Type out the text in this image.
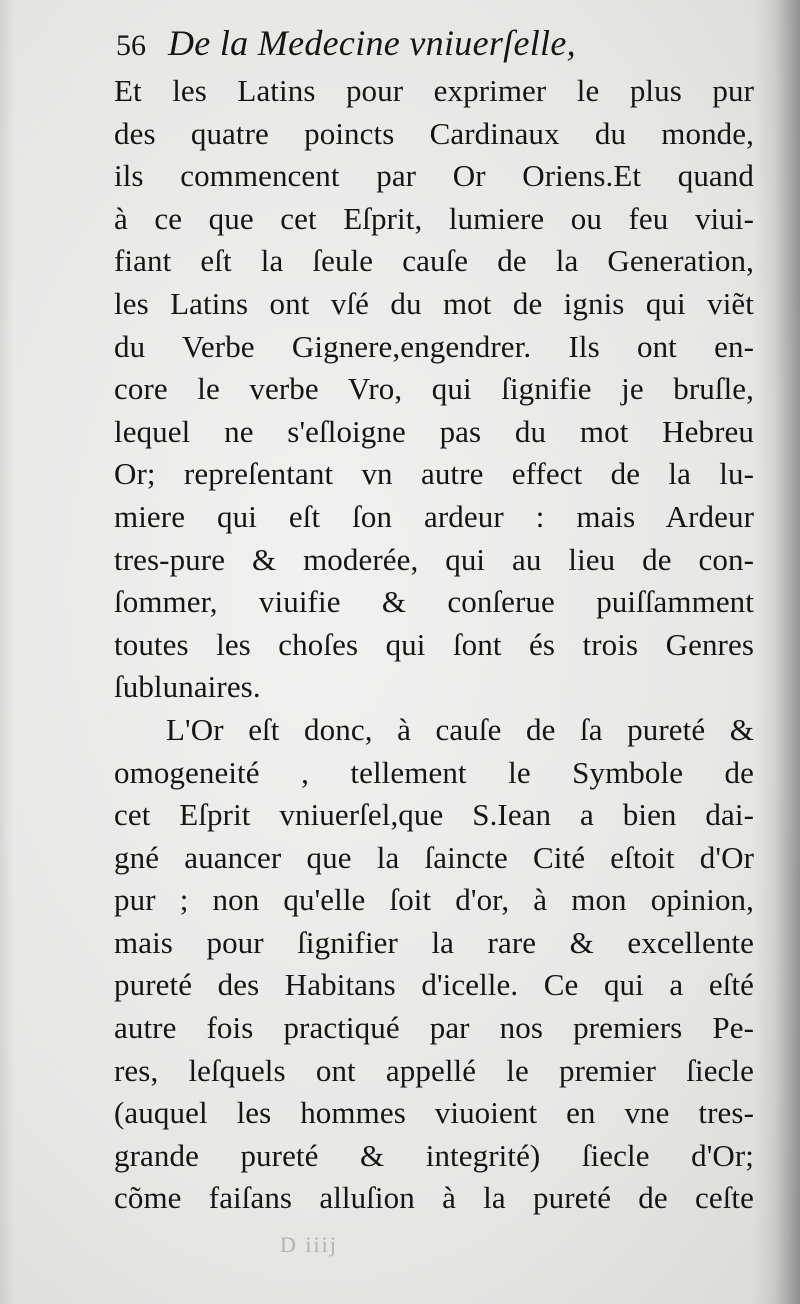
56 De la Medecine vniuerſelle,
Et les Latins pour exprimer le plus pur
des quatre poincts Cardinaux du monde,
ils commencent par Or Oriens.Et quand
à ce que cet Eſprit, lumiere ou feu viui-
fiant eſt la ſeule cauſe de la Generation,
les Latins ont vſé du mot de ignis qui viẽt
du Verbe Gignere,engendrer. Ils ont en-
core le verbe Vro, qui ſignifie je bruſle,
lequel ne s'eſloigne pas du mot Hebreu
Or; repreſentant vn autre effect de la lu-
miere qui eſt ſon ardeur : mais Ardeur
tres-pure & moderée, qui au lieu de con-
ſommer, viuifie & conſerue puiſſamment
toutes les choſes qui ſont és trois Genres
ſublunaires.
L'Or eſt donc, à cauſe de ſa pureté &
omogeneité , tellement le Symbole de
cet Eſprit vniuerſel,que S.Iean a bien dai-
gné auancer que la ſaincte Cité eſtoit d'Or
pur ; non qu'elle ſoit d'or, à mon opinion,
mais pour ſignifier la rare & excellente
pureté des Habitans d'icelle. Ce qui a eſté
autre fois practiqué par nos premiers Pe-
res, leſquels ont appellé le premier ſiecle
(auquel les hommes viuoient en vne tres-
grande pureté & integrité) ſiecle d'Or;
cõme faiſans alluſion à la pureté de ceſte
D iiij
